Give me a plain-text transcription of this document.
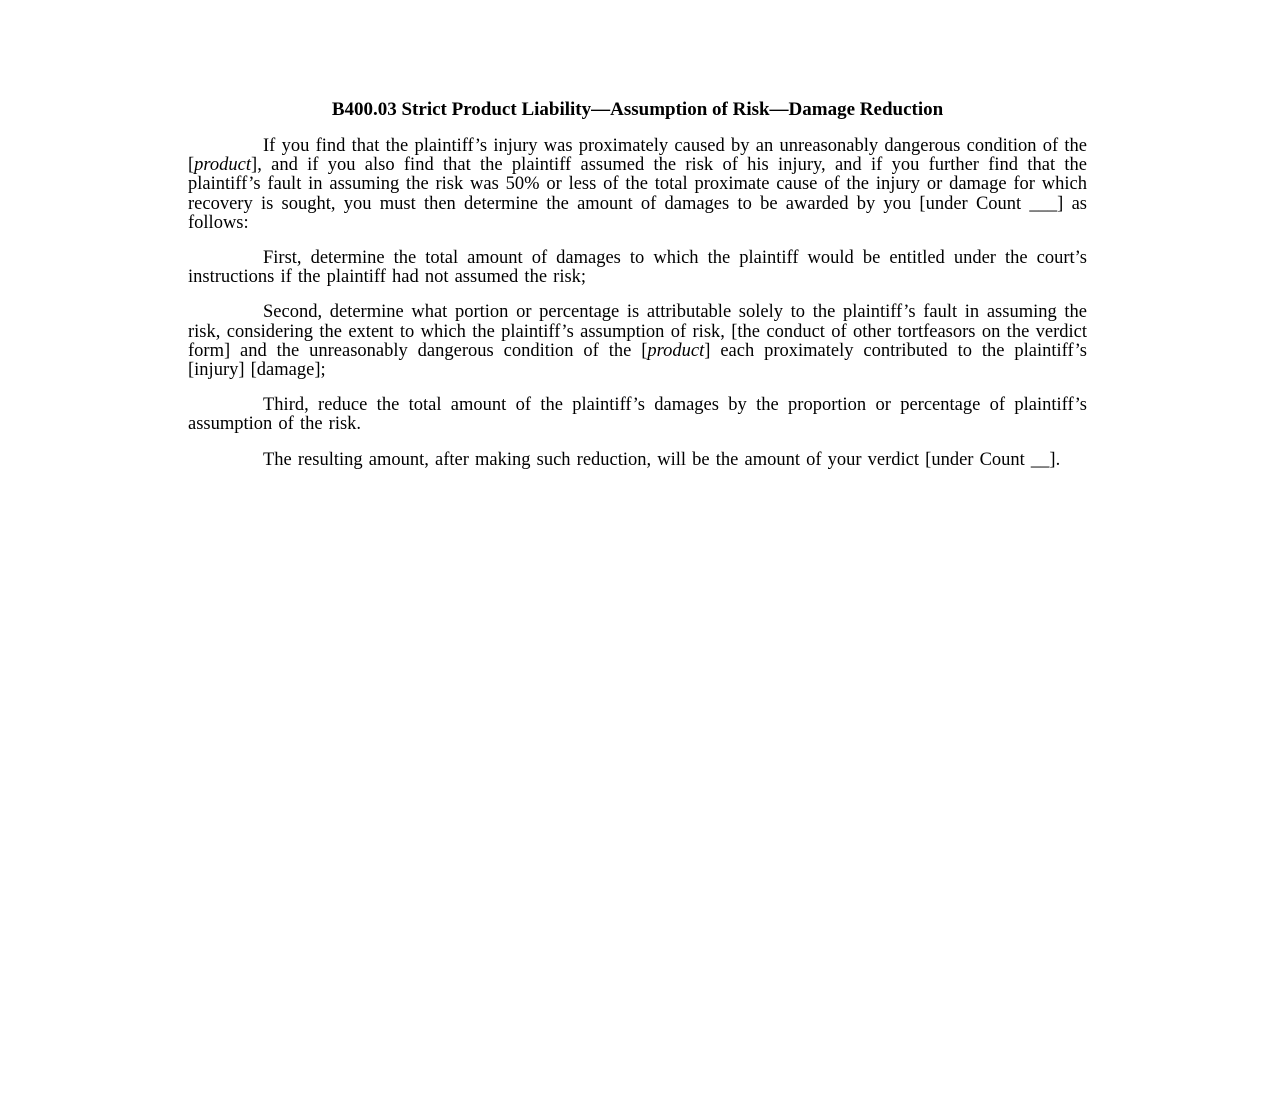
B400.03 Strict Product Liability—Assumption of Risk—Damage Reduction

If you find that the plaintiff’s injury was proximately caused by an unreasonably dangerous condition of the [product], and if you also find that the plaintiff assumed the risk of his injury, and if you further find that the plaintiff’s fault in assuming the risk was 50% or less of the total proximate cause of the injury or damage for which recovery is sought, you must then determine the amount of damages to be awarded by you [under Count ___] as follows:

First, determine the total amount of damages to which the plaintiff would be entitled under the court’s instructions if the plaintiff had not assumed the risk;

Second, determine what portion or percentage is attributable solely to the plaintiff’s fault in assuming the risk, considering the extent to which the plaintiff’s assumption of risk, [the conduct of other tortfeasors on the verdict form] and the unreasonably dangerous condition of the [product] each proximately contributed to the plaintiff’s [injury] [damage];

Third, reduce the total amount of the plaintiff’s damages by the proportion or percentage of plaintiff’s assumption of the risk.

The resulting amount, after making such reduction, will be the amount of your verdict [under Count __].
